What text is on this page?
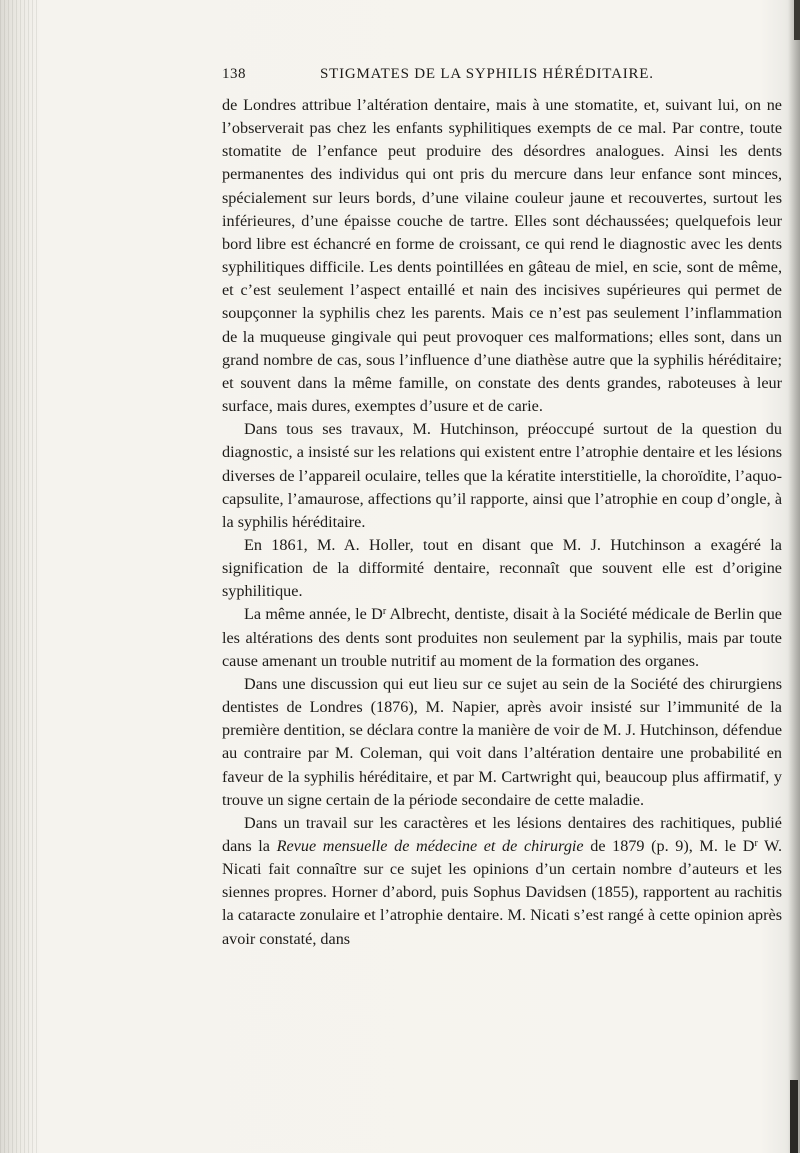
138	STIGMATES DE LA SYPHILIS HÉRÉDITAIRE.

de Londres attribue l’altération dentaire, mais à une stomatite, et, suivant lui, on ne l’observerait pas chez les enfants syphilitiques exempts de ce mal. Par contre, toute stomatite de l’enfance peut produire des désordres analogues. Ainsi les dents permanentes des individus qui ont pris du mercure dans leur enfance sont minces, spécialement sur leurs bords, d’une vilaine couleur jaune et recouvertes, surtout les inférieures, d’une épaisse couche de tartre. Elles sont déchaussées; quelquefois leur bord libre est échancré en forme de croissant, ce qui rend le diagnostic avec les dents syphilitiques difficile. Les dents pointillées en gâteau de miel, en scie, sont de même, et c’est seulement l’aspect entaillé et nain des incisives supérieures qui permet de soupçonner la syphilis chez les parents. Mais ce n’est pas seulement l’inflammation de la muqueuse gingivale qui peut provoquer ces malformations; elles sont, dans un grand nombre de cas, sous l’influence d’une diathèse autre que la syphilis héréditaire; et souvent dans la même famille, on constate des dents grandes, raboteuses à leur surface, mais dures, exemptes d’usure et de carie.

Dans tous ses travaux, M. Hutchinson, préoccupé surtout de la question du diagnostic, a insisté sur les relations qui existent entre l’atrophie dentaire et les lésions diverses de l’appareil oculaire, telles que la kératite interstitielle, la choroïdite, l’aquo-capsulite, l’amaurose, affections qu’il rapporte, ainsi que l’atrophie en coup d’ongle, à la syphilis héréditaire.

En 1861, M. A. Holler, tout en disant que M. J. Hutchinson a exagéré la signification de la difformité dentaire, reconnaît que souvent elle est d’origine syphilitique.

La même année, le $D^r$ Albrecht, dentiste, disait à la Société médicale de Berlin que les altérations des dents sont produites non seulement par la syphilis, mais par toute cause amenant un trouble nutritif au moment de la formation des organes.

Dans une discussion qui eut lieu sur ce sujet au sein de la Société des chirurgiens dentistes de Londres (1876), M. Napier, après avoir insisté sur l’immunité de la première dentition, se déclara contre la manière de voir de M. J. Hutchinson, défendue au contraire par M. Coleman, qui voit dans l’altération dentaire une probabilité en faveur de la syphilis héréditaire, et par M. Cartwright qui, beaucoup plus affirmatif, y trouve un signe certain de la période secondaire de cette maladie.

Dans un travail sur les caractères et les lésions dentaires des rachitiques, publié dans la Revue mensuelle de médecine et de chirurgie de 1879 (p. 9), M. le $D^r$ W. Nicati fait connaître sur ce sujet les opinions d’un certain nombre d’auteurs et les siennes propres. Horner d’abord, puis Sophus Davidsen (1855), rapportent au rachitis la cataracte zonulaire et l’atrophie dentaire. M. Nicati s’est rangé à cette opinion après avoir constaté, dans
